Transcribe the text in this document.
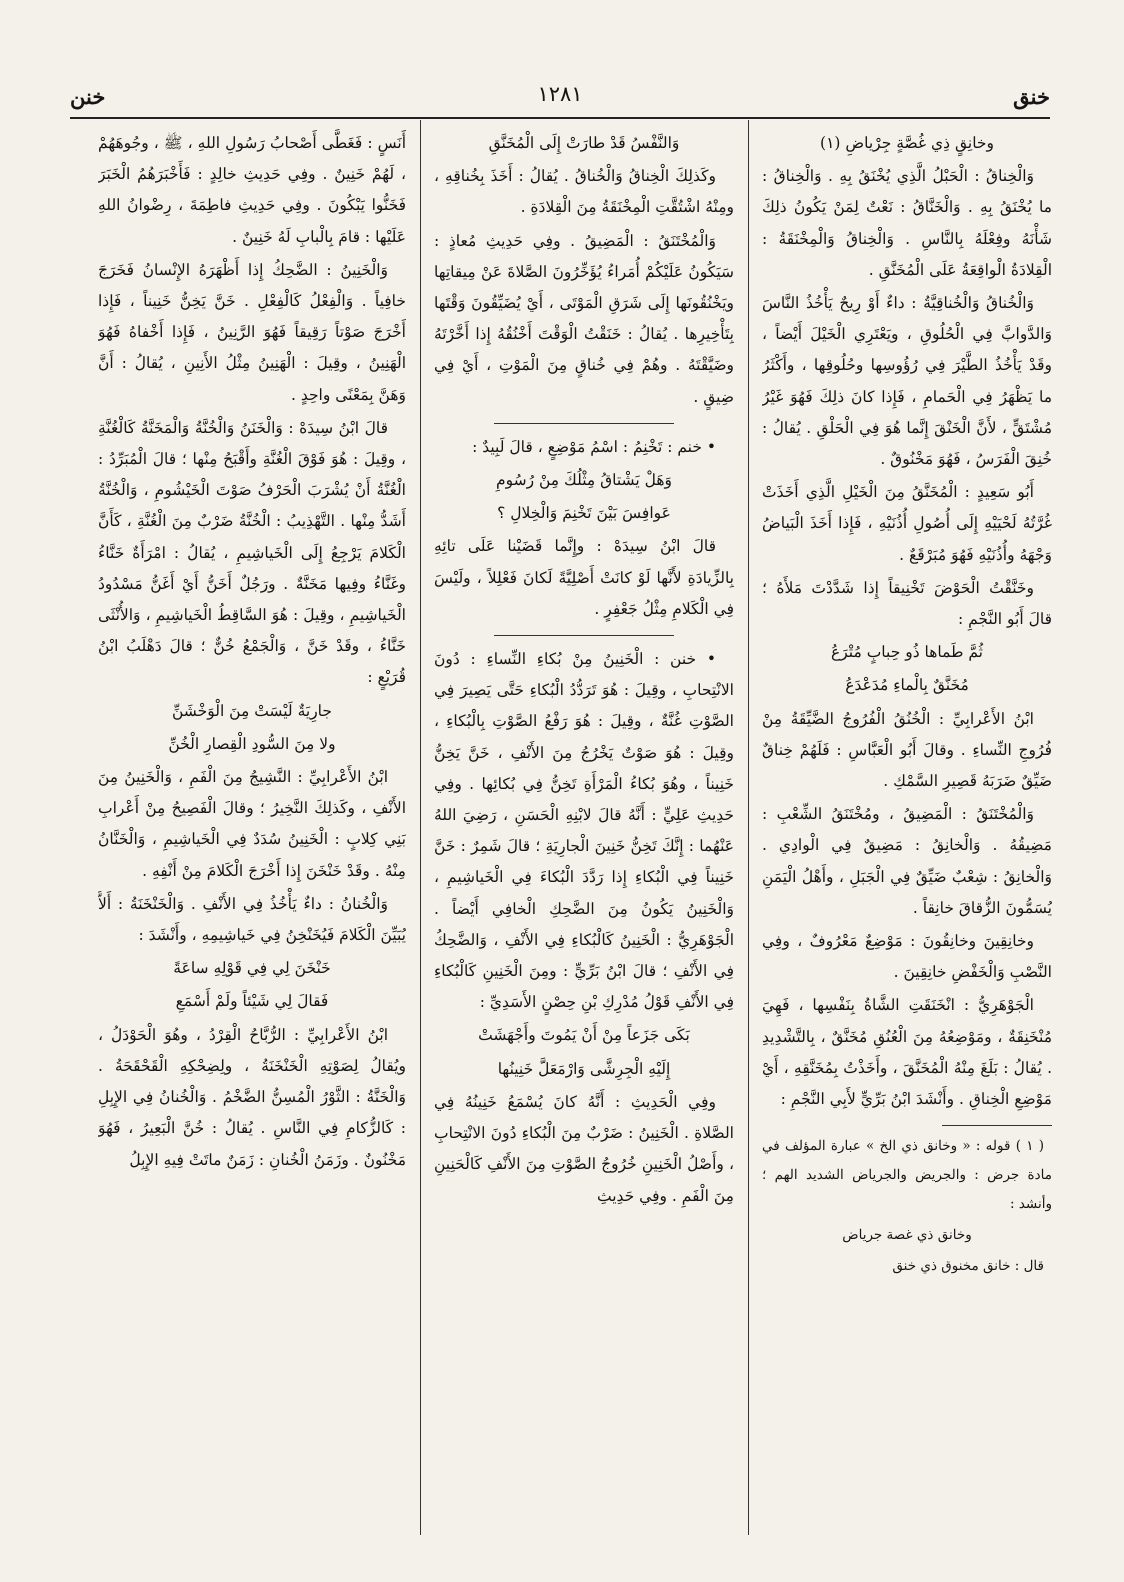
خنق
١٢٨١
خنن

وخانِقٍ ذِي غُصَّةٍ جِرْياضِ (١)

وَالْخِناقُ : الْحَبْلُ الَّذِي يُخْنَقُ بِهِ . وَالْخِناقُ : ما يُخْنَقُ بِهِ . وَالْخَنَّاقُ : نَعْتٌ لِمَنْ يَكُونُ ذلِكَ شَأْنَهُ وفِعْلَهُ بِالنَّاسِ . وَالْخِناقُ وَالْمِخْنَقَةُ : الْقِلادَةُ الْواقِعَةُ عَلَى الْمُخَنَّقِ .

وَالْخُناقُ وَالْخُناقِيَّةُ : داءٌ أَوْ رِيحٌ يَأْخُذُ النَّاسَ وَالدَّوابَّ فِي الْحُلُوقِ ، ويَعْتَرِي الْخَيْلَ أَيْضاً ، وقَدْ يَأْخُذُ الطَّيْرَ فِي رُؤُوسِها وحُلُوقِها ، وأَكْثَرُ ما يَظْهَرُ فِي الْحَمامِ ، فَإِذا كانَ ذلِكَ فَهُوَ غَيْرُ مُشْتَقٍّ ، لأَنَّ الْخَنْقَ إِنَّما هُوَ فِي الْحَلْقِ . يُقالُ : خُنِقَ الْفَرَسُ ، فَهُوَ مَخْنُوقٌ .

أَبُو سَعِيدٍ : الْمُخَنَّقُ مِنَ الْخَيْلِ الَّذِي أَخَذَتْ غُرَّتُهُ لَحْيَيْهِ إِلَى أُصُولِ أُذُنَيْهِ ، فَإِذا أَخَذَ الْبَياضُ وَجْهَهُ وأُذُنَيْهِ فَهُوَ مُبَرْقَعٌ .

وخَنَّقْتُ الْحَوْضَ تَخْنِيقاً إِذا شَدَّدْتَ مَلأَهُ ؛ قالَ أَبُو النَّجْمِ :

ثُمَّ طَماها ذُو حِبابٍ مُتْرَعُ

مُخَنَّقٌ بِالْماءِ مُدَعْدَعُ

ابْنُ الأَعْرابِيِّ : الْخُنُقُ الْفُرُوجُ الضَّيِّقَةُ مِنْ فُرُوجِ النِّساءِ . وقالَ أَبُو الْعَبَّاسِ : فَلَهُمْ خِناقٌ ضَيِّقٌ ضَرَبَهُ قَصِيرِ السَّمْكِ .

وَالْمُخْتَنَقُ : الْمَضِيقُ ، ومُخْتَنَقُ الشِّعْبِ : مَضِيقُهُ . وَالْخانِقُ : مَضِيقٌ فِي الْوادِي . وَالْخانِقُ : شِعْبٌ ضَيِّقٌ فِي الْجَبَلِ ، وأَهْلُ الْيَمَنِ يُسَمُّونَ الزُّقاقَ خانِقاً .

وخانِقِينَ وخانِقُونَ : مَوْضِعٌ مَعْرُوفٌ ، وفِي النَّصْبِ وَالْخَفْضِ خانِقِينَ .

الْجَوْهَرِيُّ : انْخَنَقَتِ الشَّاةُ بِنَفْسِها ، فَهِيَ مُنْخَنِقَةٌ ، ومَوْضِعُهُ مِنَ الْعُنُقِ مُخَنَّقٌ ، بِالتَّشْدِيدِ . يُقالُ : بَلَغَ مِنْهُ الْمُخَنَّقَ ، وأَخَذْتُ بِمُخَنَّقِهِ ، أَيْ مَوْضِعِ الْخِناقِ . وأَنْشَدَ ابْنُ بَرِّيٍّ لأَبِي النَّجْمِ :

( ١ ) قوله : « وخانق ذي الخ » عبارة المؤلف في مادة جرض : والجريض والجرياض الشديد الهم ؛ وأنشد :

وخانق ذي غصة جرياض

قال : خانق مخنوق ذي خنق

وَالنَّفْسُ قَدْ طارَتْ إِلَى الْمُخَنَّقِ

وكَذلِكَ الْخِناقُ وَالْخُناقُ . يُقالُ : أَخَذَ بِخُناقِهِ ، ومِنْهُ اشْتُقَّتِ الْمِخْنَقَةُ مِنَ الْقِلادَةِ .

وَالْمُخْتَنَقُ : الْمَضِيقُ . وفِي حَدِيثِ مُعاذٍ : سَيَكُونُ عَلَيْكُمْ أُمَراءُ يُؤَخِّرُونَ الصَّلاةَ عَنْ مِيقاتِها ويَخْنُقُونَها إِلَى شَرَقِ الْمَوْتَى ، أَيْ يُضَيِّقُونَ وَقْتَها بِتَأْخِيرِها . يُقالُ : خَنَقْتُ الْوَقْتَ أَخْنُقُهُ إِذا أَخَّرْتَهُ وضَيَّقْتَهُ . وهُمْ فِي خُناقٍ مِنَ الْمَوْتِ ، أَيْ فِي ضِيقٍ .

• خنم : تَخْنِمُ : اسْمُ مَوْضِعٍ ، قالَ لَبِيدٌ :

وَهَلْ يَشْتاقُ مِثْلُكَ مِنْ رُسُومِ

عَوافِسَ بَيْنَ تَخْنِمَ وَالْخِلالِ ؟

قالَ ابْنُ سِيدَهْ : وإِنَّما قَضَيْنا عَلَى تائِهِ بِالزِّيادَةِ لأَنَّها لَوْ كانَتْ أَصْلِيَّةً لَكانَ فَعْلِلاً ، ولَيْسَ فِي الْكَلامِ مِثْلُ جَعْفِرٍ .

• خنن : الْخَنِينُ مِنْ بُكاءِ النِّساءِ : دُونَ الانْتِحابِ ، وقِيلَ : هُوَ تَرَدُّدُ الْبُكاءِ حَتَّى يَصِيرَ فِي الصَّوْتِ غُنَّةٌ ، وقِيلَ : هُوَ رَفْعُ الصَّوْتِ بِالْبُكاءِ ، وقِيلَ : هُوَ صَوْتٌ يَخْرُجُ مِنَ الأَنْفِ ، خَنَّ يَخِنُّ خَنِيناً ، وهُوَ بُكاءُ الْمَرْأَةِ تَخِنُّ فِي بُكائِها . وفِي حَدِيثِ عَلِيٍّ : أَنَّهُ قالَ لابْنِهِ الْحَسَنِ ، رَضِيَ اللهُ عَنْهُما : إِنَّكَ تَخِنُّ خَنِينَ الْجارِيَةِ ؛ قالَ شَمِرٌ : خَنَّ خَنِيناً فِي الْبُكاءِ إِذا رَدَّدَ الْبُكاءَ فِي الْخَياشِيمِ ، وَالْخَنِينُ يَكُونُ مِنَ الضَّحِكِ الْخافِي أَيْضاً . الْجَوْهَرِيُّ : الْخَنِينُ كَالْبُكاءِ فِي الأَنْفِ ، وَالضَّحِكُ فِي الأَنْفِ ؛ قالَ ابْنُ بَرِّيٍّ : ومِنَ الْخَنِينِ كَالْبُكاءِ فِي الأَنْفِ قَوْلُ مُدْرِكِ بْنِ حِصْنٍ الأَسَدِيِّ :

بَكَى جَزَعاً مِنْ أَنْ يَمُوتَ وأَجْهَشَتْ

إِلَيْهِ الْجِرِشَّى وَارْمَعَلَّ خَنِينُها

وفِي الْحَدِيثِ : أَنَّهُ كانَ يُسْمَعُ خَنِينُهُ فِي الصَّلاةِ . الْخَنِينُ : ضَرْبٌ مِنَ الْبُكاءِ دُونَ الانْتِحابِ ، وأَصْلُ الْخَنِينِ خُرُوجُ الصَّوْتِ مِنَ الأَنْفِ كَالْحَنِينِ مِنَ الْفَمِ . وفِي حَدِيثِ

أَنَسٍ : فَغَطَّى أَصْحابُ رَسُولِ اللهِ ، ﷺ ، وجُوهَهُمْ ، لَهُمْ خَنِينٌ . وفِي حَدِيثِ خالِدٍ : فَأَخْبَرَهُمُ الْخَبَرَ فَخَنُّوا يَبْكُونَ . وفِي حَدِيثِ فاطِمَةَ ، رِضْوانُ اللهِ عَلَيْها : قامَ بِالْبابِ لَهُ خَنِينٌ .

وَالْخَنِينُ : الضَّحِكُ إِذا أَظْهَرَهُ الإِنْسانُ فَخَرَجَ خافِياً . وَالْفِعْلُ كَالْفِعْلِ . خَنَّ يَخِنُّ خَنِيناً ، فَإِذا أَخْرَجَ صَوْتاً رَقِيقاً فَهُوَ الرَّنِينُ ، فَإِذا أَخْفاهُ فَهُوَ الْهَنِينُ ، وقِيلَ : الْهَنِينُ مِثْلُ الأَنِينِ ، يُقالُ : أَنَّ وَهَنَّ بِمَعْنًى واحِدٍ .

قالَ ابْنُ سِيدَهْ : وَالْخَنَنُ وَالْخُنَّةُ وَالْمَخَنَّةُ كَالْغُنَّةِ ، وقِيلَ : هُوَ فَوْقَ الْغُنَّةِ وأَقْبَحُ مِنْها ؛ قالَ الْمُبَرِّدُ : الْغُنَّةُ أَنْ يُشْرَبَ الْحَرْفُ صَوْتَ الْخَيْشُومِ ، وَالْخُنَّةُ أَشَدُّ مِنْها . التَّهْذِيبُ : الْخُنَّةُ ضَرْبٌ مِنَ الْغُنَّةِ ، كَأَنَّ الْكَلامَ يَرْجِعُ إِلَى الْخَياشِيمِ ، يُقالُ : امْرَأَةٌ خَنَّاءُ وغَنَّاءُ وفِيها مَخَنَّةٌ . ورَجُلٌ أَخَنُّ أَيْ أَغَنُّ مَسْدُودُ الْخَياشِيمِ ، وقِيلَ : هُوَ السَّاقِطُ الْخَياشِيمِ ، وَالأُنْثَى خَنَّاءُ ، وقَدْ خَنَّ ، وَالْجَمْعُ خُنٌّ ؛ قالَ دَهْلَبُ ابْنُ قُرَيْعٍ :

جارِيَةٌ لَيْسَتْ مِنَ الْوَخْشَنِّ

ولا مِنَ السُّودِ الْقِصارِ الْخُنِّ

ابْنُ الأَعْرابِيِّ : النَّشِيجُ مِنَ الْفَمِ ، وَالْخَنِينُ مِنَ الأَنْفِ ، وكَذلِكَ النَّخِيرُ ؛ وقالَ الْفَصِيحُ مِنْ أَعْرابِ بَنِي كِلابٍ : الْخَنِينُ سُدَدٌ فِي الْخَياشِيمِ ، وَالْخَنَّانُ مِنْهُ . وقَدْ خَنْخَنَ إِذا أَخْرَجَ الْكَلامَ مِنْ أَنْفِهِ .

وَالْخُنانُ : داءٌ يَأْخُذُ فِي الأَنْفِ . وَالْخَنْخَنَةُ : أَلاَّ يُبَيِّنَ الْكَلامَ فَيُخَنْخِنُ فِي خَياشِيمِهِ ، وأَنْشَدَ :

خَنْخَنَ لِي فِي قَوْلِهِ ساعَةً

فَقالَ لِي شَيْئاً ولَمْ أَسْمَعِ

ابْنُ الأَعْرابِيِّ : الرُّبَّاحُ الْقِرْدُ ، وهُوَ الْحَوْدَلُ ، ويُقالُ لِصَوْتِهِ الْخَنْخَنَةُ ، ولِضِحْكِهِ الْقَحْقَحَةُ . وَالْخَنَّةُ : الثَّوْرُ الْمُسِنُّ الضَّخْمُ . وَالْخُنانُ فِي الإِبِلِ : كَالزُّكامِ فِي النَّاسِ . يُقالُ : خُنَّ الْبَعِيرُ ، فَهُوَ مَخْنُونٌ . وزَمَنُ الْخُنانِ : زَمَنٌ ماتَتْ فِيهِ الإِبِلُ
